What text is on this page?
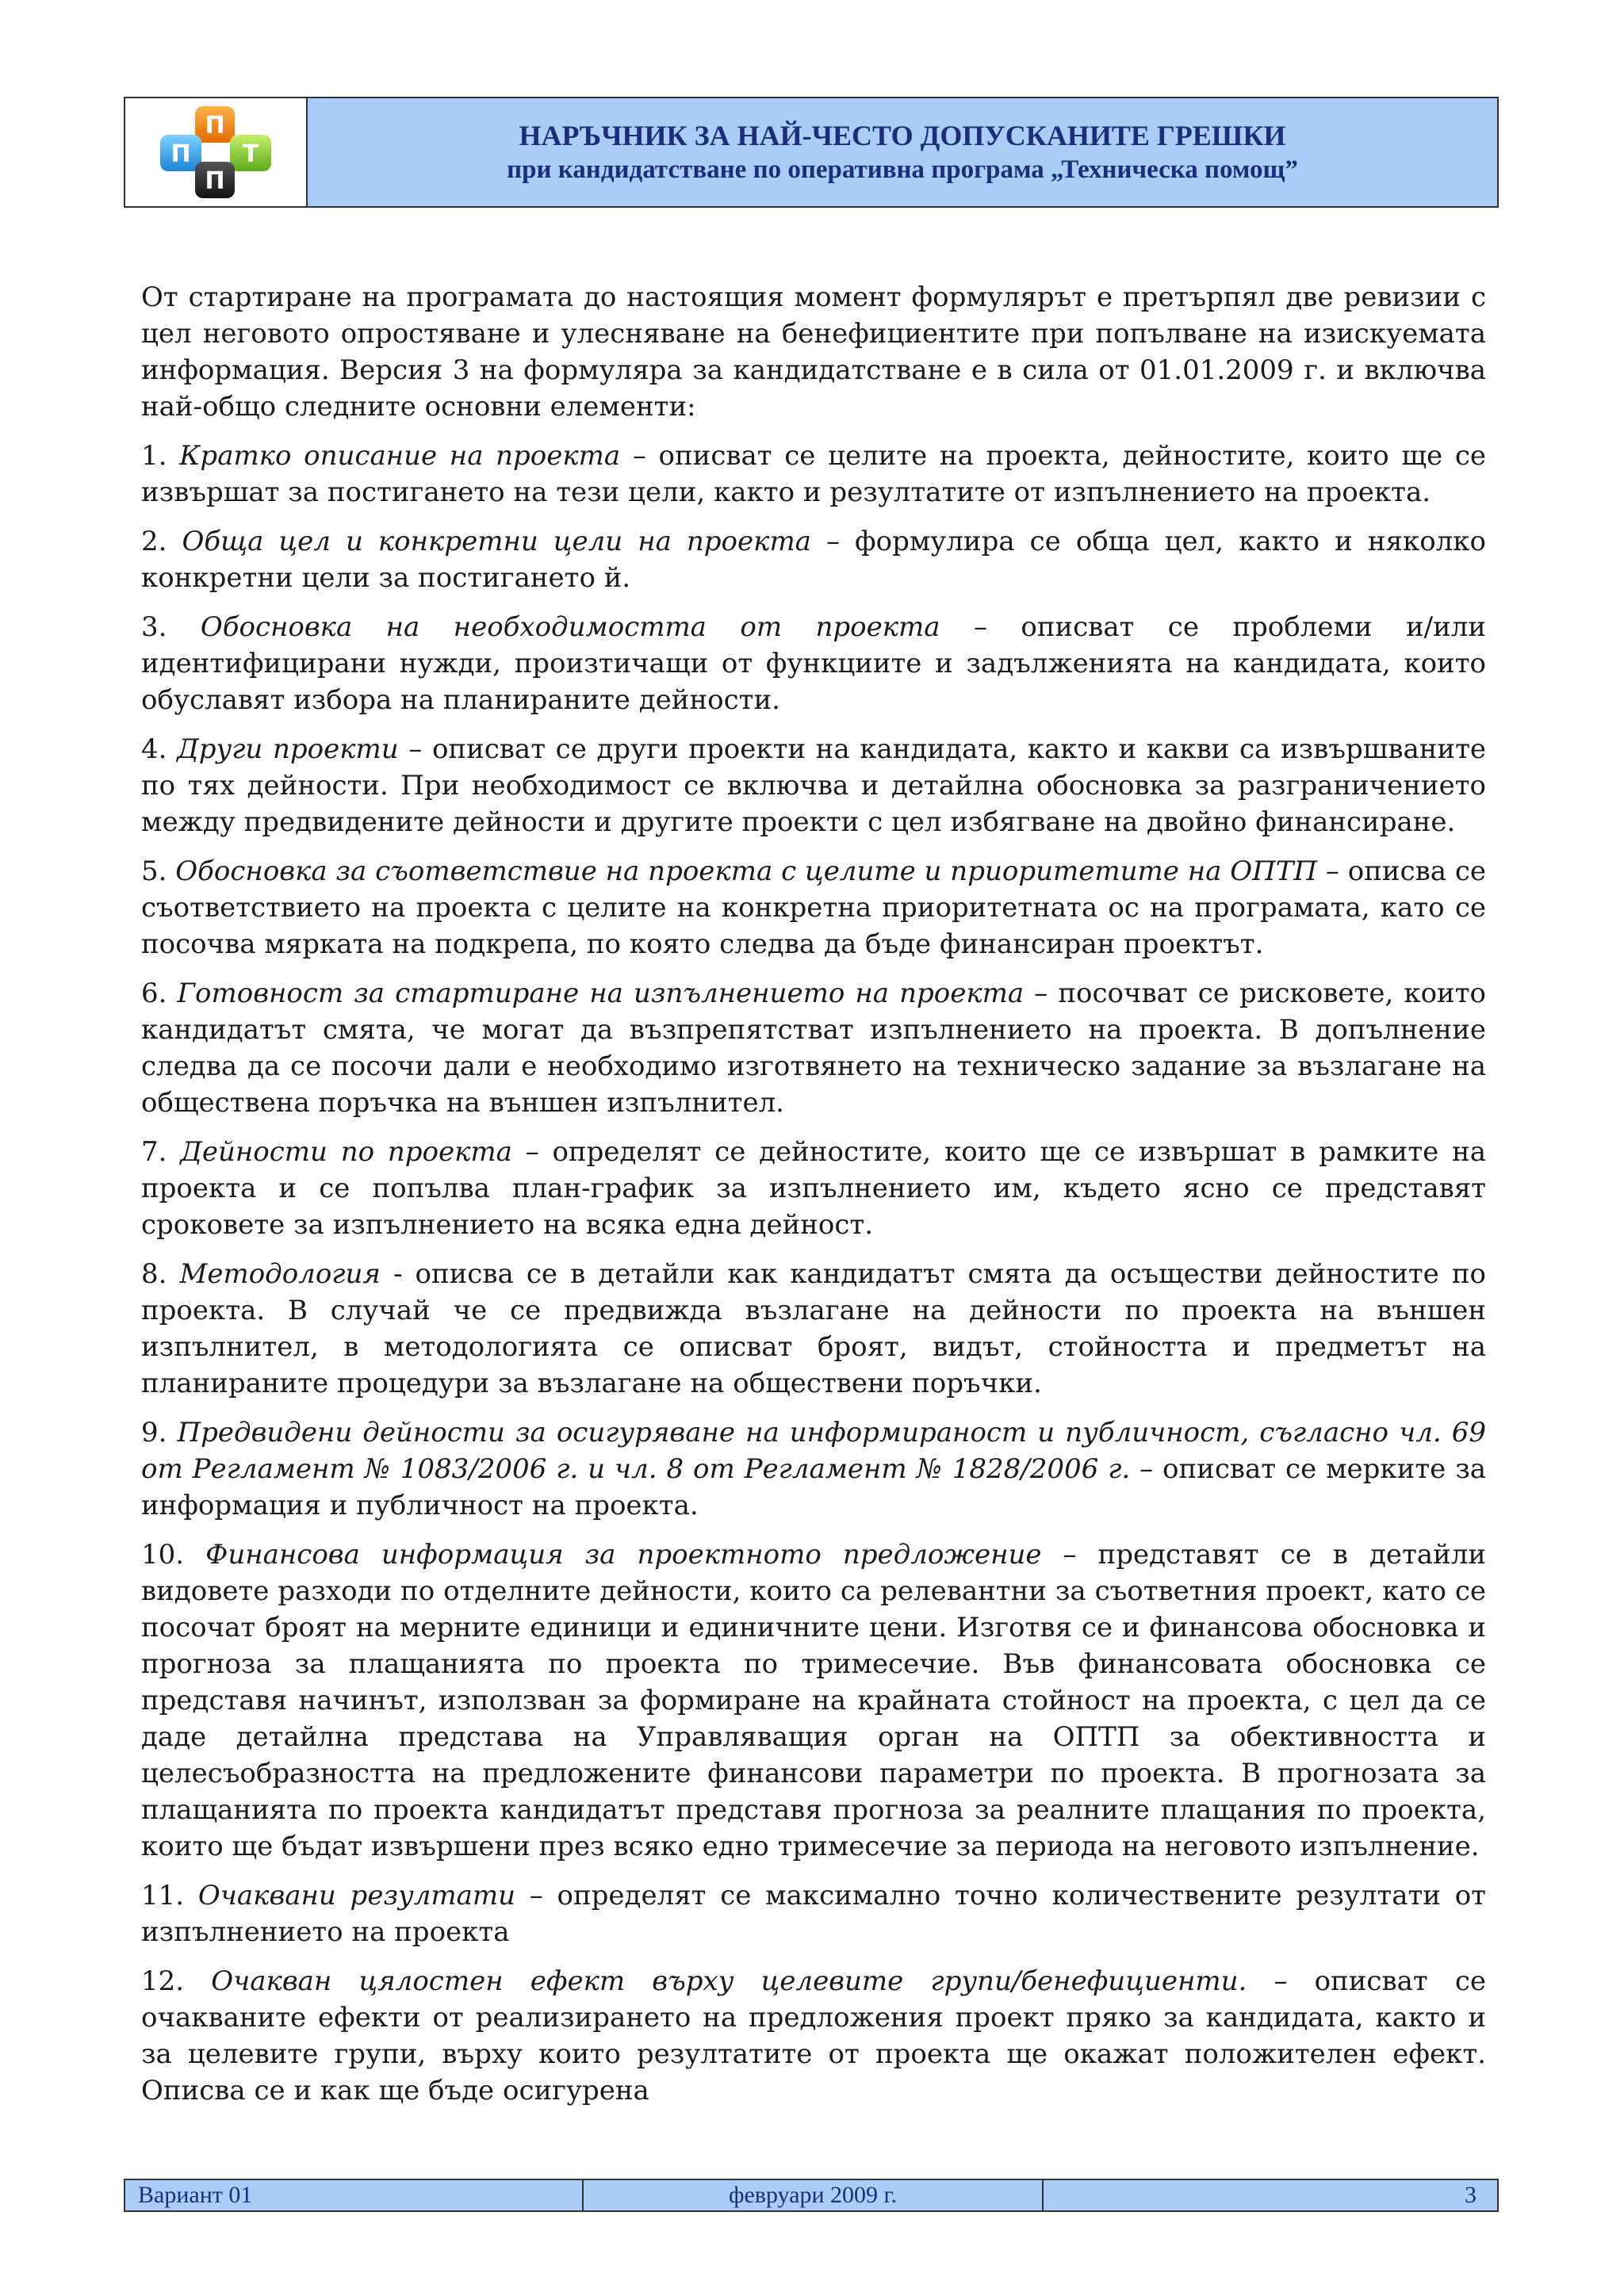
П
П Т
П
НАРЪЧНИК ЗА НАЙ-ЧЕСТО ДОПУСКАНИТЕ ГРЕШКИ
при кандидатстване по оперативна програма „Техническа помощ”

От стартиране на програмата до настоящия момент формулярът е претърпял две ревизии с цел неговото опростяване и улесняване на бенефициентите при попълване на изискуемата информация. Версия 3 на формуляра за кандидатстване е в сила от 01.01.2009 г. и включва най-общо следните основни елементи:

1. Кратко описание на проекта – описват се целите на проекта, дейностите, които ще се извършат за постигането на тези цели, както и резултатите от изпълнението на проекта.

2. Обща цел и конкретни цели на проекта – формулира се обща цел, както и няколко конкретни цели за постигането й.

3. Обосновка на необходимостта от проекта – описват се проблеми и/или идентифицирани нужди, произтичащи от функциите и задълженията на кандидата, които обуславят избора на планираните дейности.

4. Други проекти – описват се други проекти на кандидата, както и какви са извършваните по тях дейности. При необходимост се включва и детайлна обосновка за разграничението между предвидените дейности и другите проекти с цел избягване на двойно финансиране.

5. Обосновка за съответствие на проекта с целите и приоритетите на ОПТП – описва се съответствието на проекта с целите на конкретна приоритетната ос на програмата, като се посочва мярката на подкрепа, по която следва да бъде финансиран проектът.

6. Готовност за стартиране на изпълнението на проекта – посочват се рисковете, които кандидатът смята, че могат да възпрепятстват изпълнението на проекта. В допълнение следва да се посочи дали е необходимо изготвянето на техническо задание за възлагане на обществена поръчка на външен изпълнител.

7. Дейности по проекта – определят се дейностите, които ще се извършат в рамките на проекта и се попълва план-график за изпълнението им, където ясно се представят сроковете за изпълнението на всяка една дейност.

8. Методология - описва се в детайли как кандидатът смята да осъществи дейностите по проекта. В случай че се предвижда възлагане на дейности по проекта на външен изпълнител, в методологията се описват броят, видът, стойността и предметът на планираните процедури за възлагане на обществени поръчки.

9. Предвидени дейности за осигуряване на информираност и публичност, съгласно чл. 69 от Регламент № 1083/2006 г. и чл. 8 от Регламент № 1828/2006 г. – описват се мерките за информация и публичност на проекта.

10. Финансова информация за проектното предложение – представят се в детайли видовете разходи по отделните дейности, които са релевантни за съответния проект, като се посочат броят на мерните единици и единичните цени. Изготвя се и финансова обосновка и прогноза за плащанията по проекта по тримесечие. Във финансовата обосновка се представя начинът, използван за формиране на крайната стойност на проекта, с цел да се даде детайлна представа на Управляващия орган на ОПТП за обективността и целесъобразността на предложените финансови параметри по проекта. В прогнозата за плащанията по проекта кандидатът представя прогноза за реалните плащания по проекта, които ще бъдат извършени през всяко едно тримесечие за периода на неговото изпълнение.

11. Очаквани резултати – определят се максимално точно количествените резултати от изпълнението на проекта

12. Очакван цялостен ефект върху целевите групи/бенефициенти. – описват се очакваните ефекти от реализирането на предложения проект пряко за кандидата, както и за целевите групи, върху които резултатите от проекта ще окажат положителен ефект. Описва се и как ще бъде осигурена

Вариант 01	февруари 2009 г.	3
